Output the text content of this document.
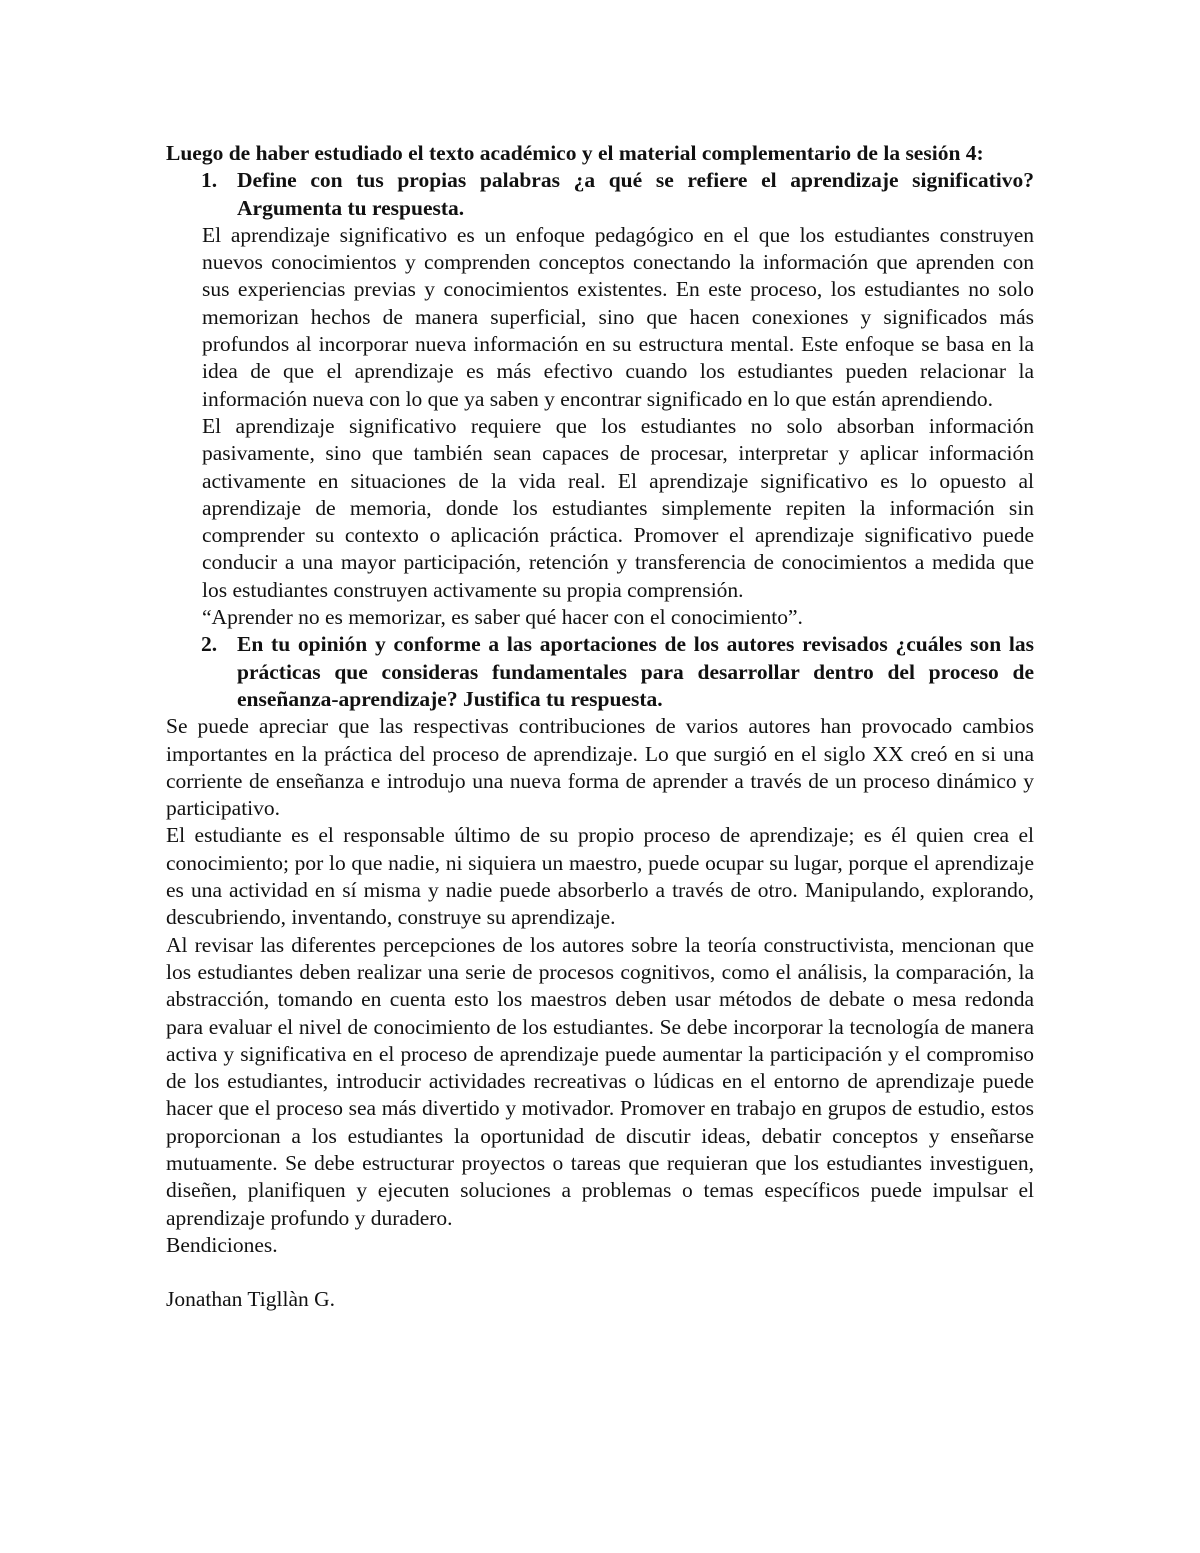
Luego de haber estudiado el texto académico y el material complementario de la sesión 4:

1. Define con tus propias palabras ¿a qué se refiere el aprendizaje significativo? Argumenta tu respuesta.

El aprendizaje significativo es un enfoque pedagógico en el que los estudiantes construyen nuevos conocimientos y comprenden conceptos conectando la información que aprenden con sus experiencias previas y conocimientos existentes. En este proceso, los estudiantes no solo memorizan hechos de manera superficial, sino que hacen conexiones y significados más profundos al incorporar nueva información en su estructura mental. Este enfoque se basa en la idea de que el aprendizaje es más efectivo cuando los estudiantes pueden relacionar la información nueva con lo que ya saben y encontrar significado en lo que están aprendiendo.

El aprendizaje significativo requiere que los estudiantes no solo absorban información pasivamente, sino que también sean capaces de procesar, interpretar y aplicar información activamente en situaciones de la vida real. El aprendizaje significativo es lo opuesto al aprendizaje de memoria, donde los estudiantes simplemente repiten la información sin comprender su contexto o aplicación práctica. Promover el aprendizaje significativo puede conducir a una mayor participación, retención y transferencia de conocimientos a medida que los estudiantes construyen activamente su propia comprensión.

“Aprender no es memorizar, es saber qué hacer con el conocimiento”.

2. En tu opinión y conforme a las aportaciones de los autores revisados ¿cuáles son las prácticas que consideras fundamentales para desarrollar dentro del proceso de enseñanza-aprendizaje? Justifica tu respuesta.

Se puede apreciar que las respectivas contribuciones de varios autores han provocado cambios importantes en la práctica del proceso de aprendizaje. Lo que surgió en el siglo XX creó en si una corriente de enseñanza e introdujo una nueva forma de aprender a través de un proceso dinámico y participativo.

El estudiante es el responsable último de su propio proceso de aprendizaje; es él quien crea el conocimiento; por lo que nadie, ni siquiera un maestro, puede ocupar su lugar, porque el aprendizaje es una actividad en sí misma y nadie puede absorberlo a través de otro. Manipulando, explorando, descubriendo, inventando, construye su aprendizaje.

Al revisar las diferentes percepciones de los autores sobre la teoría constructivista, mencionan que los estudiantes deben realizar una serie de procesos cognitivos, como el análisis, la comparación, la abstracción, tomando en cuenta esto los maestros deben usar métodos de debate o mesa redonda para evaluar el nivel de conocimiento de los estudiantes. Se debe incorporar la tecnología de manera activa y significativa en el proceso de aprendizaje puede aumentar la participación y el compromiso de los estudiantes, introducir actividades recreativas o lúdicas en el entorno de aprendizaje puede hacer que el proceso sea más divertido y motivador. Promover en trabajo en grupos de estudio, estos proporcionan a los estudiantes la oportunidad de discutir ideas, debatir conceptos y enseñarse mutuamente. Se debe estructurar proyectos o tareas que requieran que los estudiantes investiguen, diseñen, planifiquen y ejecuten soluciones a problemas o temas específicos puede impulsar el aprendizaje profundo y duradero.

Bendiciones.

Jonathan Tigllàn G.
